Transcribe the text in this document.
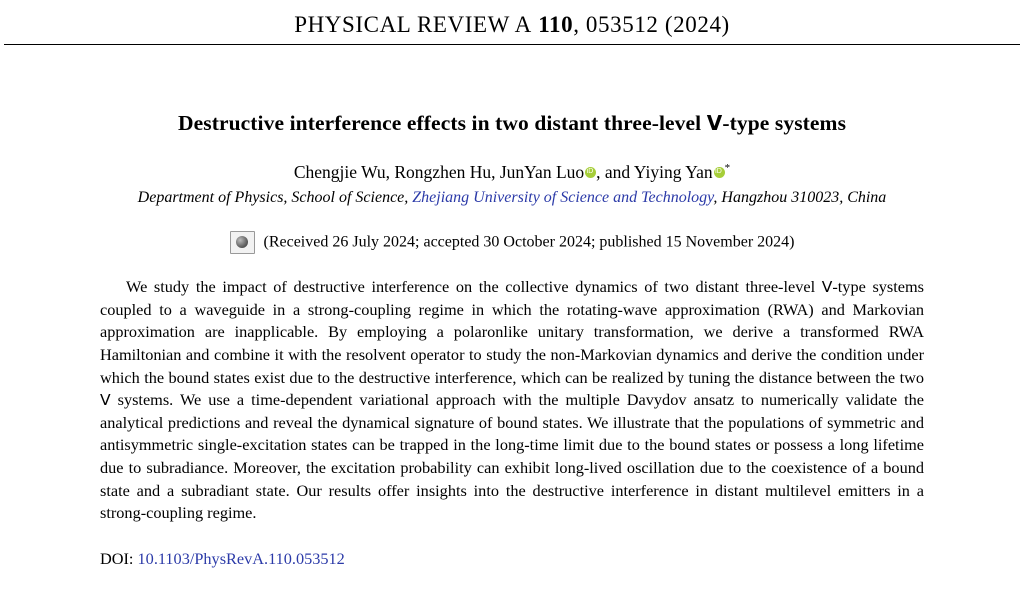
PHYSICAL REVIEW A 110, 053512 (2024)
Destructive interference effects in two distant three-level V-type systems
Chengjie Wu, Rongzhen Hu, JunYan Luo iD , and Yiying Yan iD *
Department of Physics, School of Science, Zhejiang University of Science and Technology, Hangzhou 310023, China
(Received 26 July 2024; accepted 30 October 2024; published 15 November 2024)
We study the impact of destructive interference on the collective dynamics of two distant three-level V-type systems coupled to a waveguide in a strong-coupling regime in which the rotating-wave approximation (RWA) and Markovian approximation are inapplicable. By employing a polaronlike unitary transformation, we derive a transformed RWA Hamiltonian and combine it with the resolvent operator to study the non-Markovian dynamics and derive the condition under which the bound states exist due to the destructive interference, which can be realized by tuning the distance between the two V systems. We use a time-dependent variational approach with the multiple Davydov ansatz to numerically validate the analytical predictions and reveal the dynamical signature of bound states. We illustrate that the populations of symmetric and antisymmetric single-excitation states can be trapped in the long-time limit due to the bound states or possess a long lifetime due to subradiance. Moreover, the excitation probability can exhibit long-lived oscillation due to the coexistence of a bound state and a subradiant state. Our results offer insights into the destructive interference in distant multilevel emitters in a strong-coupling regime.
DOI: 10.1103/PhysRevA.110.053512
